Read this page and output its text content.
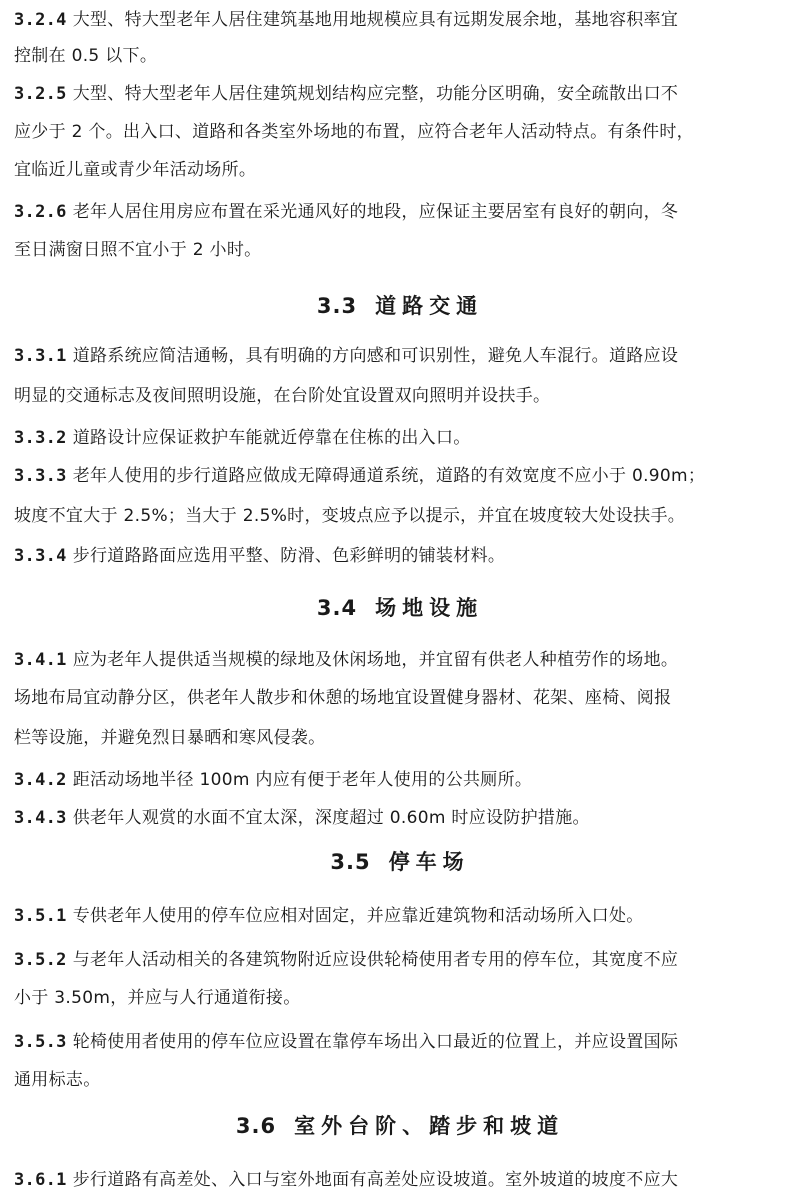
3.2.4 大型、特大型老年人居住建筑基地用地规模应具有远期发展余地，基地容积率宜

控制在 0.5 以下。

3.2.5 大型、特大型老年人居住建筑规划结构应完整，功能分区明确，安全疏散出口不

应少于 2 个。出入口、道路和各类室外场地的布置，应符合老年人活动特点。有条件时，

宜临近儿童或青少年活动场所。

3.2.6 老年人居住用房应布置在采光通风好的地段，应保证主要居室有良好的朝向，冬

至日满窗日照不宜小于 2 小时。

3.3 道路交通

3.3.1 道路系统应简洁通畅，具有明确的方向感和可识别性，避免人车混行。道路应设

明显的交通标志及夜间照明设施，在台阶处宜设置双向照明并设扶手。

3.3.2 道路设计应保证救护车能就近停靠在住栋的出入口。

3.3.3 老年人使用的步行道路应做成无障碍通道系统，道路的有效宽度不应小于 0.90m；

坡度不宜大于 2.5%；当大于 2.5%时，变坡点应予以提示，并宜在坡度较大处设扶手。

3.3.4 步行道路路面应选用平整、防滑、色彩鲜明的铺装材料。

3.4 场地设施

3.4.1 应为老年人提供适当规模的绿地及休闲场地，并宜留有供老人种植劳作的场地。

场地布局宜动静分区，供老年人散步和休憩的场地宜设置健身器材、花架、座椅、阅报

栏等设施，并避免烈日暴晒和寒风侵袭。

3.4.2 距活动场地半径 100m 内应有便于老年人使用的公共厕所。

3.4.3 供老年人观赏的水面不宜太深，深度超过 0.60m 时应设防护措施。

3.5 停车场

3.5.1 专供老年人使用的停车位应相对固定，并应靠近建筑物和活动场所入口处。

3.5.2 与老年人活动相关的各建筑物附近应设供轮椅使用者专用的停车位，其宽度不应

小于 3.50m，并应与人行通道衔接。

3.5.3 轮椅使用者使用的停车位应设置在靠停车场出入口最近的位置上，并应设置国际

通用标志。

3.6 室外台阶、踏步和坡道

3.6.1 步行道路有高差处、入口与室外地面有高差处应设坡道。室外坡道的坡度不应大
